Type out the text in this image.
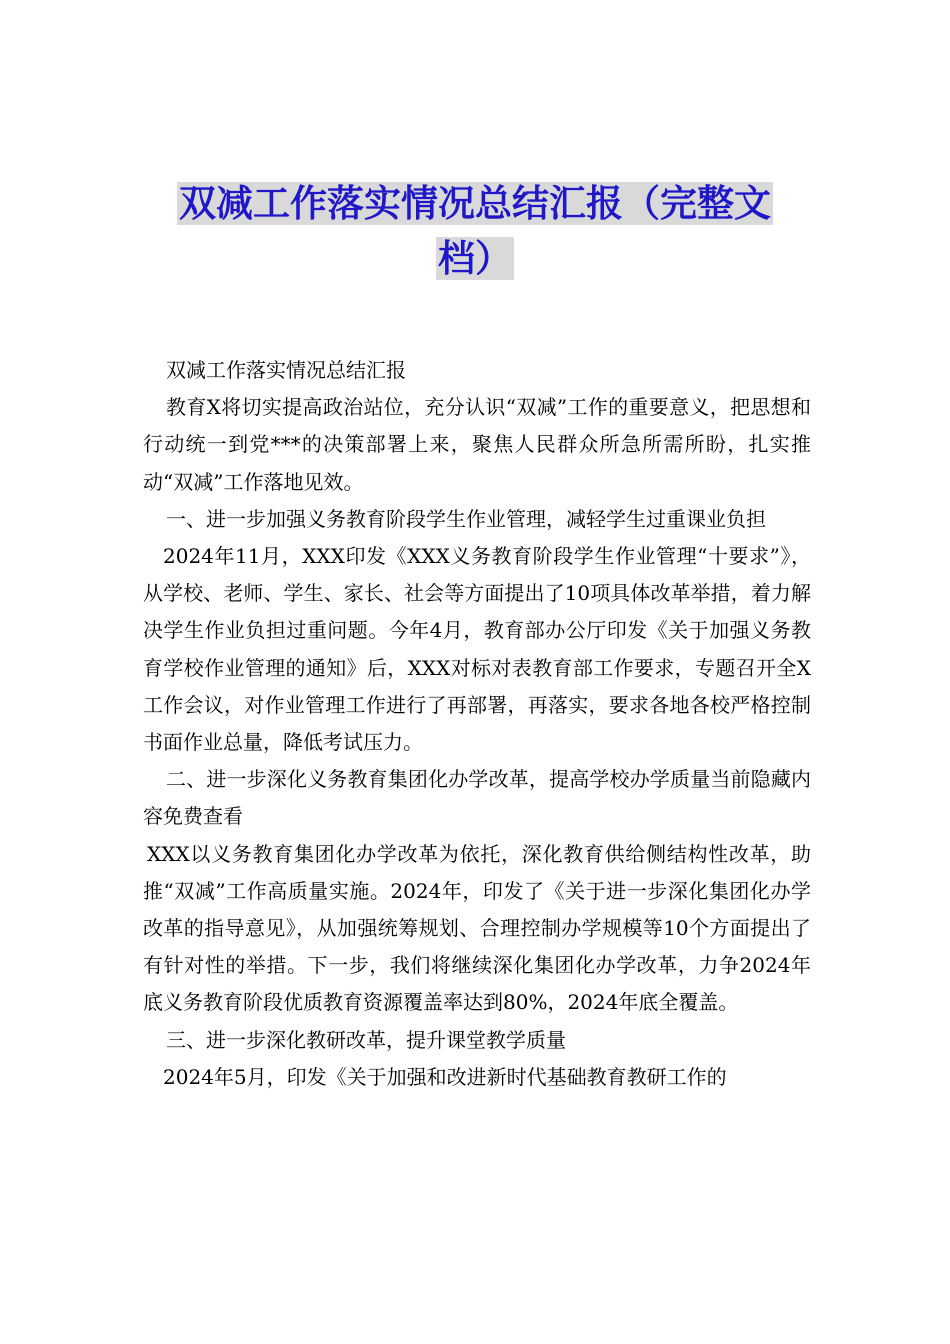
双减工作落实情况总结汇报（完整文
档）

双减工作落实情况总结汇报

教育X将切实提高政治站位，充分认识“双减”工作的重要意义，把思想和行动统一到党***的决策部署上来，聚焦人民群众所急所需所盼，扎实推动“双减”工作落地见效。

一、进一步加强义务教育阶段学生作业管理，减轻学生过重课业负担

2024年11月，XXX印发《XXX义务教育阶段学生作业管理“十要求”》，从学校、老师、学生、家长、社会等方面提出了10项具体改革举措，着力解决学生作业负担过重问题。今年4月，教育部办公厅印发《关于加强义务教育学校作业管理的通知》后，XXX对标对表教育部工作要求，专题召开全X工作会议，对作业管理工作进行了再部署，再落实，要求各地各校严格控制书面作业总量，降低考试压力。

二、进一步深化义务教育集团化办学改革，提高学校办学质量当前隐藏内容免费查看

XXX以义务教育集团化办学改革为依托，深化教育供给侧结构性改革，助推“双减”工作高质量实施。2024年，印发了《关于进一步深化集团化办学改革的指导意见》，从加强统筹规划、合理控制办学规模等10个方面提出了有针对性的举措。下一步，我们将继续深化集团化办学改革，力争2024年底义务教育阶段优质教育资源覆盖率达到80%，2024年底全覆盖。

三、进一步深化教研改革，提升课堂教学质量

2024年5月，印发《关于加强和改进新时代基础教育教研工作的
